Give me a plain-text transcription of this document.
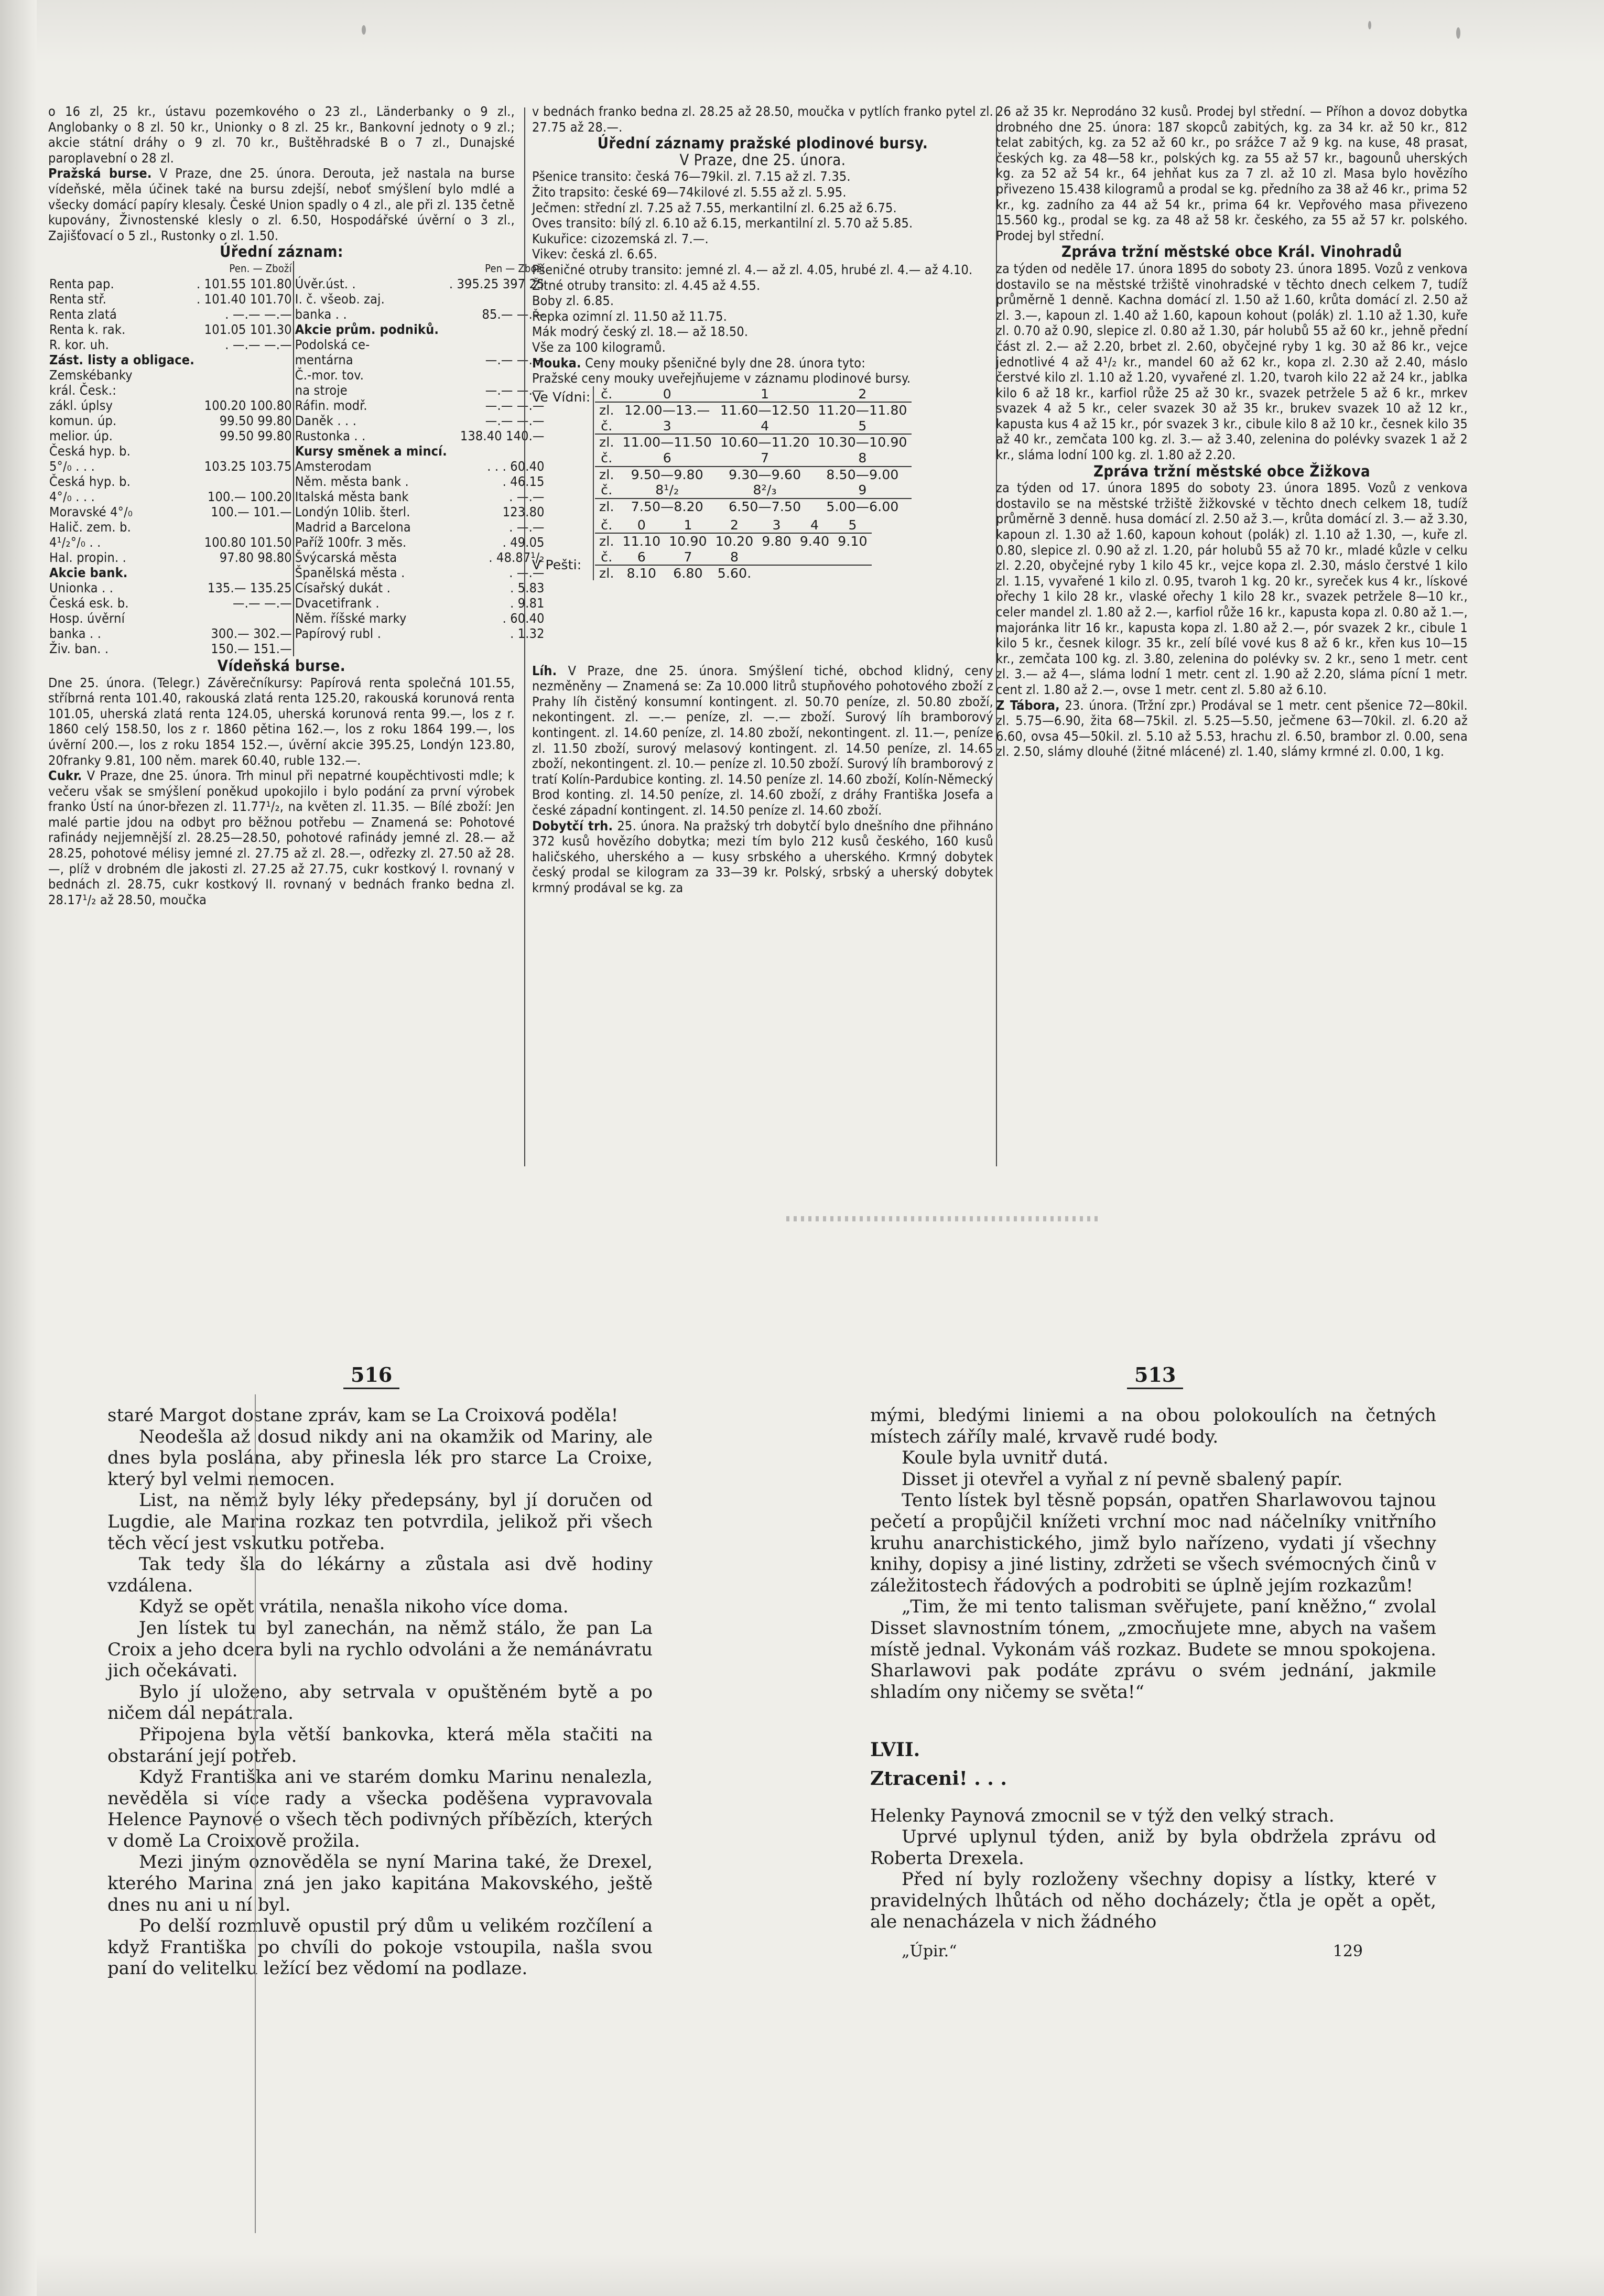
o 16 zl, 25 kr., ústavu pozemkového o 23 zl., Länderbanky o 9 zl., Anglobanky o 8 zl. 50 kr., Unionky o 8 zl. 25 kr., Bankovní jednoty o 9 zl.; akcie státní dráhy o 9 zl. 70 kr., Buštěhradské B o 7 zl., Dunajské paroplavební o 28 zl.

Pražská burse. V Praze, dne 25. února. Derouta, jež nastala na burse vídeňské, měla účinek také na bursu zdejší, neboť smýšlení bylo mdlé a všecky domácí papíry klesaly. České Union spadly o 4 zl., ale při zl. 135 četně kupovány, Živnostenské klesly o zl. 6.50, Hospodářské úvěrní o 3 zl., Zajišťovací o 5 zl., Rustonky o zl. 1.50.

Úřední záznam:

	Pen. — Zboží		Pen — Zboží
Renta pap.	. 101.55 101.80	Úvěr.úst. .	. 395.25 397 25
Renta stř.	. 101.40 101.70	I. č. všeob. zaj.	
Renta zlatá	. —.— —.—	banka . .	85.— —.—
Renta k. rak.	101.05 101.30	Akcie prům. podniků.	
R. kor. uh.	. —.— —.—	Podolská ce-	
Zást. listy a obligace.		mentárna	—.— —.—
Zemskébanky		Č.-mor. tov.	
král. Česk.:		na stroje	—.— —.—
zákl. úplsy	100.20 100.80	Ráfin. modř.	—.— —.—
komun. úp.	99.50 99.80	Daněk . . .	—.— —.—
melior. úp.	99.50 99.80	Rustonka . .	138.40 140.—
Česká hyp. b.		Kursy směnek a mincí.	
5°/₀ . . .	103.25 103.75	Amsterodam	. . . 60.40
Česká hyp. b.		Něm. města bank .	. 46.15
4°/₀ . . .	100.— 100.20	Italská města bank	. —.—
Moravské 4°/₀	100.— 101.—	Londýn 10lib. šterl.	123.80
Halič. zem. b.		Madrid a Barcelona	. —.—
4¹/₂°/₀ . .	100.80 101.50	Paříž 100fr. 3 měs.	. 49.05
Hal. propin. .	97.80 98.80	Švýcarská města	. 48.87¹/₂
Akcie bank.		Španělská města .	. —.—
Unionka . .	135.— 135.25	Císařský dukát .	. 5.83
Česká esk. b.	—.— —.—	Dvacetifrank .	. 9.81
Hosp. úvěrní		Něm. říšské marky	. 60.40
banka . .	300.— 302.—	Papírový rubl .	. 1.32
Živ. ban. .	150.— 151.—		

Vídeňská burse.

Dne 25. února. (Telegr.) Závěrečníkursy: Papírová renta společná 101.55, stříbrná renta 101.40, rakouská zlatá renta 125.20, rakouská korunová renta 101.05, uherská zlatá renta 124.05, uherská korunová renta 99.—, los z r. 1860 celý 158.50, los z r. 1860 pětina 162.—, los z roku 1864 199.—, los úvěrní 200.—, los z roku 1854 152.—, úvěrní akcie 395.25, Londýn 123.80, 20franky 9.81, 100 něm. marek 60.40, ruble 132.—.

Cukr. V Praze, dne 25. února. Trh minul při nepatrné koupěchtivosti mdle; k večeru však se smýšlení poněkud upokojilo i bylo podání za první výrobek franko Ústí na únor-březen zl. 11.77¹/₂, na květen zl. 11.35. — Bílé zboží: Jen malé partie jdou na odbyt pro běžnou potřebu — Znamená se: Pohotové rafinády nejjemnější zl. 28.25—28.50, pohotové rafinády jemné zl. 28.— až 28.25, pohotové mélisy jemné zl. 27.75 až zl. 28.—, odřezky zl. 27.50 až 28.—, plíž v drobném dle jakosti zl. 27.25 až 27.75, cukr kostkový I. rovnaný v bednách zl. 28.75, cukr kostkový II. rovnaný v bednách franko bedna zl. 28.17¹/₂ až 28.50, moučka

v bednách franko bedna zl. 28.25 až 28.50, moučka v pytlích franko pytel zl. 27.75 až 28.—.

Úřední záznamy pražské plodinové bursy.

V Praze, dne 25. února.

Pšenice transito: česká 76—79kil. zl. 7.15 až zl. 7.35.

Žito trapsito: české 69—74kilové zl. 5.55 až zl. 5.95.

Ječmen: střední zl. 7.25 až 7.55, merkantilní zl. 6.25 až 6.75.

Oves transito: bílý zl. 6.10 až 6.15, merkantilní zl. 5.70 až 5.85.

Kukuřice: cizozemská zl. 7.—.

Vikev: česká zl. 6.65.

Pšeničné otruby transito: jemné zl. 4.— až zl. 4.05, hrubé zl. 4.— až 4.10.

Žitné otruby transito: zl. 4.45 až 4.55.

Boby zl. 6.85.

Řepka ozimní zl. 11.50 až 11.75.

Mák modrý český zl. 18.— až 18.50.

Vše za 100 kilogramů.

Mouka. Ceny mouky pšeničné byly dne 28. února tyto:

Pražské ceny mouky uveřejňujeme v záznamu plodinové bursy.

Ve Vídni: č.	0	1	2
zl.	12.00—13.—	11.60—12.50	11.20—11.80
č.	3	4	5
zl.	11.00—11.50	10.60—11.20	10.30—10.90
č.	6	7	8
zl.	9.50—9.80	9.30—9.60	8.50—9.00
č.	8¹/₂	8²/₃	9
zl.	7.50—8.20	6.50—7.50	5.00—6.00
V Pešti:
č.	0	1	2	3	4	5
zl.	11.10	10.90	10.20	9.80	9.40	9.10
č.	6	7	8			
zl.	8.10	6.80	5.60.			

Líh. V Praze, dne 25. února. Smýšlení tiché, obchod klidný, ceny nezměněny — Znamená se: Za 10.000 litrů stupňového pohotového zboží z Prahy líh čistěný konsumní kontingent. zl. 50.70 peníze, zl. 50.80 zboží, nekontingent. zl. —.— peníze, zl. —.— zboží. Surový líh bramborový kontingent. zl. 14.60 peníze, zl. 14.80 zboží, nekontingent. zl. 11.—, peníze zl. 11.50 zboží, surový melasový kontingent. zl. 14.50 peníze, zl. 14.65 zboží, nekontingent. zl. 10.— peníze zl. 10.50 zboží. Surový líh bramborový z tratí Kolín-Pardubice konting. zl. 14.50 peníze zl. 14.60 zboží, Kolín-Německý Brod konting. zl. 14.50 peníze, zl. 14.60 zboží, z dráhy Františka Josefa a české západní kontingent. zl. 14.50 peníze zl. 14.60 zboží.

Dobytčí trh. 25. února. Na pražský trh dobytčí bylo dnešního dne přihnáno 372 kusů hovězího dobytka; mezi tím bylo 212 kusů českého, 160 kusů haličského, uherského a — kusy srbského a uherského. Krmný dobytek český prodal se kilogram za 33—39 kr. Polský, srbský a uherský dobytek krmný prodával se kg. za

26 až 35 kr. Neprodáno 32 kusů. Prodej byl střední. — Příhon a dovoz dobytka drobného dne 25. února: 187 skopců zabitých, kg. za 34 kr. až 50 kr., 812 telat zabitých, kg. za 52 až 60 kr., po srážce 7 až 9 kg. na kuse, 48 prasat, českých kg. za 48—58 kr., polských kg. za 55 až 57 kr., bagounů uherských kg. za 52 až 54 kr., 64 jehňat kus za 7 zl. až 10 zl. Masa bylo hovězího přivezeno 15.438 kilogramů a prodal se kg. předního za 38 až 46 kr., prima 52 kr., kg. zadního za 44 až 54 kr., prima 64 kr. Vepřového masa přivezeno 15.560 kg., prodal se kg. za 48 až 58 kr. českého, za 55 až 57 kr. polského. Prodej byl střední.

Zpráva tržní městské obce Král. Vinohradů

za týden od neděle 17. února 1895 do soboty 23. února 1895. Vozů z venkova dostavilo se na městské tržiště vinohradské v těchto dnech celkem 7, tudíž průměrně 1 denně. Kachna domácí zl. 1.50 až 1.60, krůta domácí zl. 2.50 až zl. 3.—, kapoun zl. 1.40 až 1.60, kapoun kohout (polák) zl. 1.10 až 1.30, kuře zl. 0.70 až 0.90, slepice zl. 0.80 až 1.30, pár holubů 55 až 60 kr., jehně přední část zl. 2.— až 2.20, brbet zl. 2.60, obyčejné ryby 1 kg. 30 až 86 kr., vejce jednotlivé 4 až 4¹/₂ kr., mandel 60 až 62 kr., kopa zl. 2.30 až 2.40, máslo čerstvé kilo zl. 1.10 až 1.20, vyvařené zl. 1.20, tvaroh kilo 22 až 24 kr., jablka kilo 6 až 18 kr., karfiol růže 25 až 30 kr., svazek petržele 5 až 6 kr., mrkev svazek 4 až 5 kr., celer svazek 30 až 35 kr., brukev svazek 10 až 12 kr., kapusta kus 4 až 15 kr., pór svazek 3 kr., cibule kilo 8 až 10 kr., česnek kilo 35 až 40 kr., zemčata 100 kg. zl. 3.— až 3.40, zelenina do polévky svazek 1 až 2 kr., sláma lodní 100 kg. zl. 1.80 až 2.20.

Zpráva tržní městské obce Žižkova

za týden od 17. února 1895 do soboty 23. února 1895. Vozů z venkova dostavilo se na městské tržiště žižkovské v těchto dnech celkem 18, tudíž průměrně 3 denně. husa domácí zl. 2.50 až 3.—, krůta domácí zl. 3.— až 3.30, kapoun zl. 1.30 až 1.60, kapoun kohout (polák) zl. 1.10 až 1.30, —, kuře zl. 0.80, slepice zl. 0.90 až zl. 1.20, pár holubů 55 až 70 kr., mladé kůzle v celku zl. 2.20, obyčejné ryby 1 kilo 45 kr., vejce kopa zl. 2.30, máslo čerstvé 1 kilo zl. 1.15, vyvařené 1 kilo zl. 0.95, tvaroh 1 kg. 20 kr., syreček kus 4 kr., lískové ořechy 1 kilo 28 kr., vlaské ořechy 1 kilo 28 kr., svazek petržele 8—10 kr., celer mandel zl. 1.80 až 2.—, karfiol růže 16 kr., kapusta kopa zl. 0.80 až 1.—, majoránka litr 16 kr., kapusta kopa zl. 1.80 až 2.—, pór svazek 2 kr., cibule 1 kilo 5 kr., česnek kilogr. 35 kr., zelí bílé vové kus 8 až 6 kr., křen kus 10—15 kr., zemčata 100 kg. zl. 3.80, zelenina do polévky sv. 2 kr., seno 1 metr. cent zl. 3.— až 4—, sláma lodní 1 metr. cent zl. 1.90 až 2.20, sláma pícní 1 metr. cent zl. 1.80 až 2.—, ovse 1 metr. cent zl. 5.80 až 6.10.

Z Tábora, 23. února. (Tržní zpr.) Prodával se 1 metr. cent pšenice 72—80kil. zl. 5.75—6.90, žita 68—75kil. zl. 5.25—5.50, ječmene 63—70kil. zl. 6.20 až 6.60, ovsa 45—50kil. zl. 5.10 až 5.53, hrachu zl. 6.50, brambor zl. 0.00, sena zl. 2.50, slámy dlouhé (žitné mlácené) zl. 1.40, slámy krmné zl. 0.00, 1 kg.

516	513

staré Margot dostane zpráv, kam se La Croixová poděla!

Neodešla až dosud nikdy ani na okamžik od Mariny, ale dnes byla poslána, aby přinesla lék pro starce La Croixe, který byl velmi nemocen.

List, na němž byly léky předepsány, byl jí doručen od Lugdie, ale Marina rozkaz ten potvrdila, jelikož při všech těch věcí jest vskutku potřeba.

Tak tedy šla do lékárny a zůstala asi dvě hodiny vzdálena.

Když se opět vrátila, nenašla nikoho více doma.

Jen lístek tu byl zanechán, na němž stálo, že pan La Croix a jeho dcera byli na rychlo odvoláni a že nemánávratu jich očekávati.

Bylo jí uloženo, aby setrvala v opuštěném bytě a po ničem dál nepátrala.

Připojena byla větší bankovka, která měla stačiti na obstarání její potřeb.

Když Františka ani ve starém domku Marinu nenalezla, nevěděla si více rady a všecka poděšena vypravovala Helence Paynové o všech těch podivných příbězích, kterých v domě La Croixově prožila.

Mezi jiným oznověděla se nyní Marina také, že Drexel, kterého Marina zná jen jako kapitána Makovského, ještě dnes nu ani u ní byl.

Po delší rozmluvě opustil prý dům u velikém rozčílení a když Františka po chvíli do pokoje vstoupila, našla svou paní do velitelku ležící bez vědomí na podlaze.

mými, bledými liniemi a na obou polokoulích na četných místech záříly malé, krvavě rudé body.

Koule byla uvnitř dutá.

Disset ji otevřel a vyňal z ní pevně sbalený papír.

Tento lístek byl těsně popsán, opatřen Sharlawovou tajnou pečetí a propůjčil knížeti vrchní moc nad náčelníky vnitřního kruhu anarchistického, jimž bylo nařízeno, vydati jí všechny knihy, dopisy a jiné listiny, zdržeti se všech svémocných činů v záležitostech řádových a podrobiti se úplně jejím rozkazům!

„Tim, že mi tento talisman svěřujete, paní kněžno,“ zvolal Disset slavnostním tónem, „zmocňujete mne, abych na vašem místě jednal. Vykonám váš rozkaz. Budete se mnou spokojena. Sharlawovi pak podáte zprávu o svém jednání, jakmile shladím ony ničemy se světa!“

LVII.

Ztraceni! . . .

Helenky Paynová zmocnil se v týž den velký strach.

Uprvé uplynul týden, aniž by byla obdržela zprávu od Roberta Drexela.

Před ní byly rozloženy všechny dopisy a lístky, které v pravidelných lhůtách od něho docházely; čtla je opět a opět, ale nenacházela v nich žádného

„Úpir.“	129
